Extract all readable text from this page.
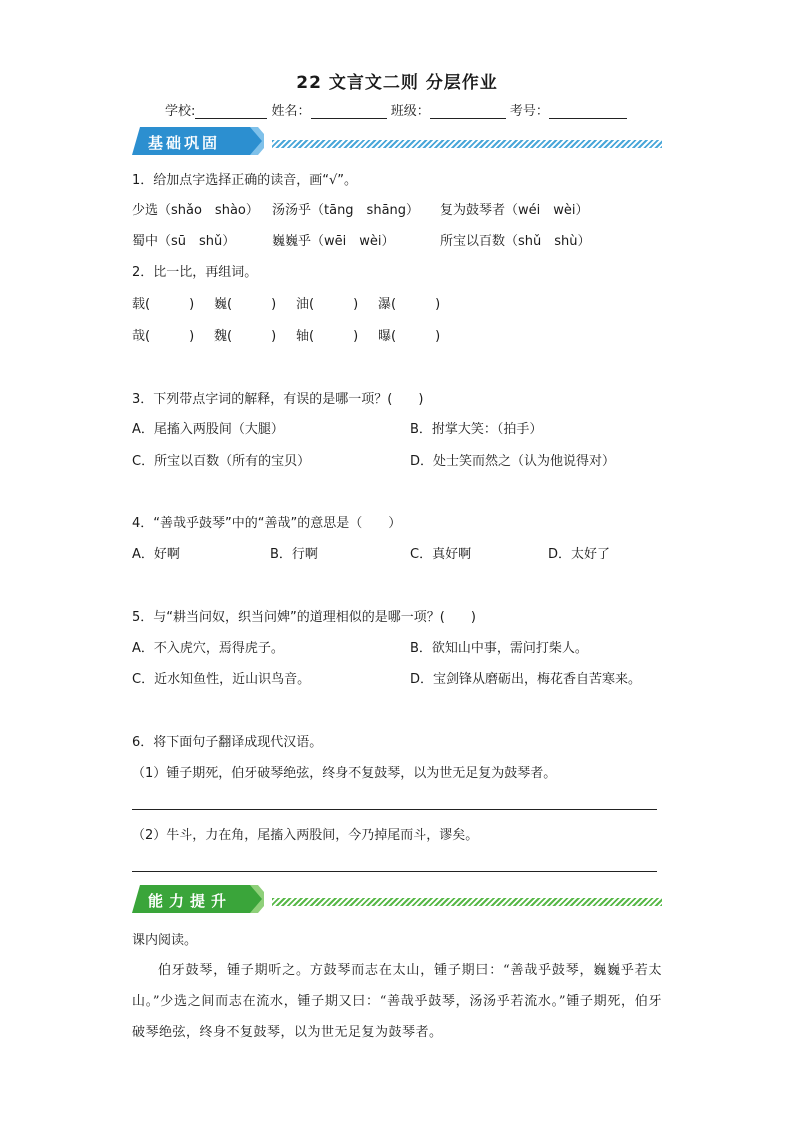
22 文言文二则 分层作业
学校:	姓名：	班级：	考号：
基础巩固
1．给加点字选择正确的读音，画“√”。
少选（shǎo　shào） 汤汤乎（tāng　shāng） 复为鼓琴者（wéi　wèi）
蜀中（sū　shǔ）	巍巍乎（wēi　wèi）	所宝以百数（shǔ　shù）
2．比一比，再组词。
载(　　　) 巍(　　　) 油(　　　) 瀑(　　　)
哉(　　　) 魏(　　　) 轴(　　　) 曝(　　　)
3．下列带点字词的解释，有误的是哪一项？(　　)
A．尾搐入两股间（大腿）	B．拊掌大笑：（拍手）
C．所宝以百数（所有的宝贝）	D．处士笑而然之（认为他说得对）
4．“善哉乎鼓琴”中的“善哉”的意思是（　　）
A．好啊	B．行啊	C．真好啊	D．太好了
5．与“耕当问奴，织当问婢”的道理相似的是哪一项？(　　)
A．不入虎穴，焉得虎子。	B．欲知山中事，需问打柴人。
C．近水知鱼性，近山识鸟音。	D．宝剑锋从磨砺出，梅花香自苦寒来。
6．将下面句子翻译成现代汉语。
（1）锺子期死，伯牙破琴绝弦，终身不复鼓琴，以为世无足复为鼓琴者。
（2）牛斗，力在角，尾搐入两股间，今乃掉尾而斗，谬矣。
能力提升
课内阅读。
伯牙鼓琴，锺子期听之。方鼓琴而志在太山，锺子期曰：“善哉乎鼓琴，巍巍乎若太山。”少选之间而志在流水，锺子期又曰：“善哉乎鼓琴，汤汤乎若流水。”锺子期死，伯牙破琴绝弦，终身不复鼓琴，以为世无足复为鼓琴者。
